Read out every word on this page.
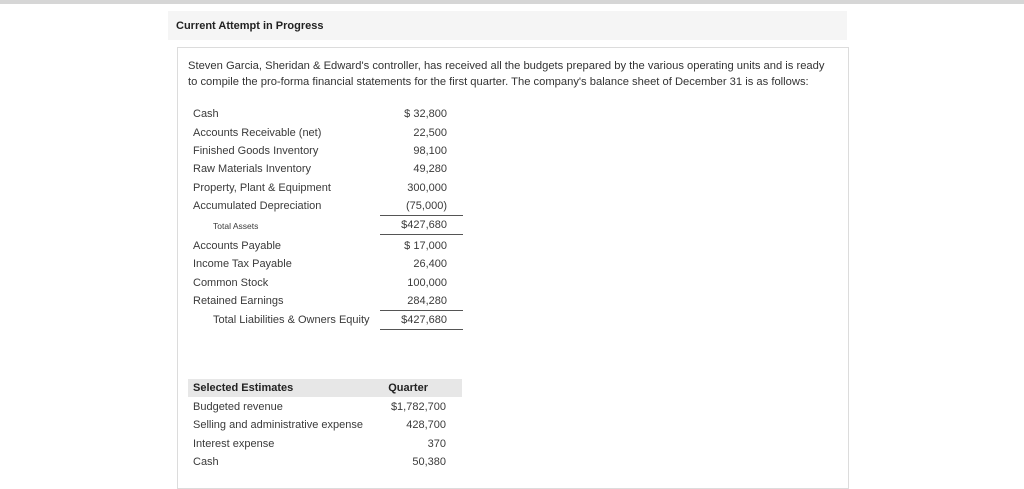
Current Attempt in Progress
Steven Garcia, Sheridan & Edward's controller, has received all the budgets prepared by the various operating units and is ready to compile the pro-forma financial statements for the first quarter. The company's balance sheet of December 31 is as follows:
Cash	$ 32,800
Accounts Receivable (net)	22,500
Finished Goods Inventory	98,100
Raw Materials Inventory	49,280
Property, Plant & Equipment	300,000
Accumulated Depreciation	(75,000)
Total Assets	$427,680
Accounts Payable	$ 17,000
Income Tax Payable	26,400
Common Stock	100,000
Retained Earnings	284,280
Total Liabilities & Owners Equity	$427,680
Selected Estimates	Quarter
Budgeted revenue	$1,782,700
Selling and administrative expense	428,700
Interest expense	370
Cash	50,380
